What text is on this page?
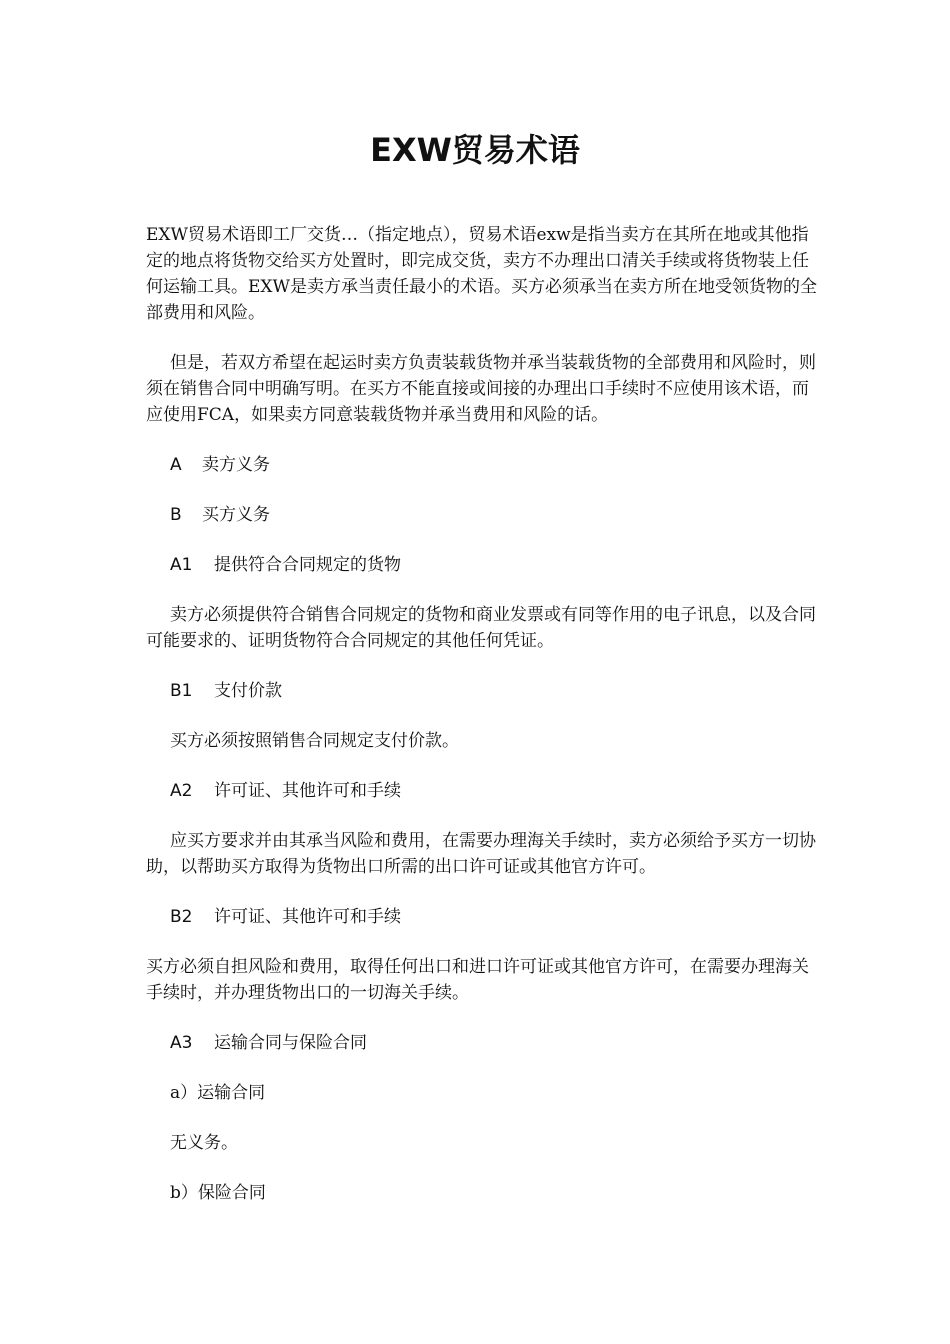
EXW贸易术语

EXW贸易术语即工厂交货…（指定地点），贸易术语exw是指当卖方在其所在地或其他指定的地点将货物交给买方处置时，即完成交货，卖方不办理出口清关手续或将货物装上任何运输工具。EXW是卖方承当责任最小的术语。买方必须承当在卖方所在地受领货物的全部费用和风险。

但是，若双方希望在起运时卖方负责装载货物并承当装载货物的全部费用和风险时，则须在销售合同中明确写明。在买方不能直接或间接的办理出口手续时不应使用该术语，而应使用FCA，如果卖方同意装载货物并承当费用和风险的话。

A 卖方义务

B 买方义务

A1 提供符合合同规定的货物

卖方必须提供符合销售合同规定的货物和商业发票或有同等作用的电子讯息，以及合同可能要求的、证明货物符合合同规定的其他任何凭证。

B1 支付价款

买方必须按照销售合同规定支付价款。

A2 许可证、其他许可和手续

应买方要求并由其承当风险和费用，在需要办理海关手续时，卖方必须给予买方一切协助，以帮助买方取得为货物出口所需的出口许可证或其他官方许可。

B2 许可证、其他许可和手续

买方必须自担风险和费用，取得任何出口和进口许可证或其他官方许可，在需要办理海关手续时，并办理货物出口的一切海关手续。

A3 运输合同与保险合同

a）运输合同

无义务。

b）保险合同
